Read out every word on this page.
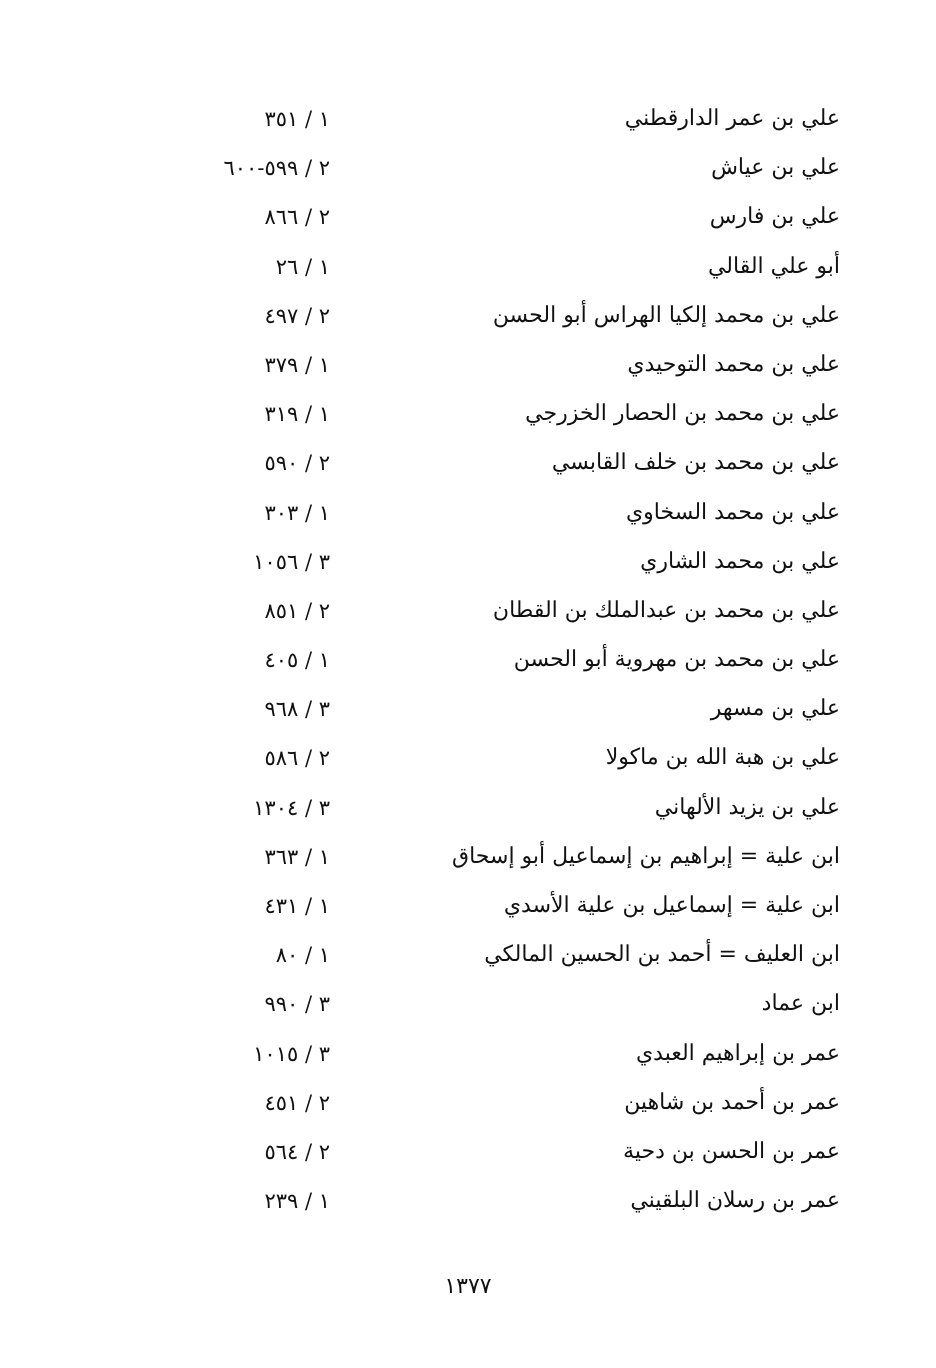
علي بن عمر الدارقطني
١ / ٣٥١
علي بن عياش
٢ / ٥٩٩-٦٠٠
علي بن فارس
٢ / ٨٦٦
أبو علي القالي
١ / ٢٦
علي بن محمد إلكيا الهراس أبو الحسن
٢ / ٤٩٧
علي بن محمد التوحيدي
١ / ٣٧٩
علي بن محمد بن الحصار الخزرجي
١ / ٣١٩
علي بن محمد بن خلف القابسي
٢ / ٥٩٠
علي بن محمد السخاوي
١ / ٣٠٣
علي بن محمد الشاري
٣ / ١٠٥٦
علي بن محمد بن عبدالملك بن القطان
٢ / ٨٥١
علي بن محمد بن مهروية أبو الحسن
١ / ٤٠٥
علي بن مسهر
٣ / ٩٦٨
علي بن هبة الله بن ماكولا
٢ / ٥٨٦
علي بن يزيد الألهاني
٣ / ١٣٠٤
ابن علية = إبراهيم بن إسماعيل أبو إسحاق
١ / ٣٦٣
ابن علية = إسماعيل بن علية الأسدي
١ / ٤٣١
ابن العليف = أحمد بن الحسين المالكي
١ / ٨٠
ابن عماد
٣ / ٩٩٠
عمر بن إبراهيم العبدي
٣ / ١٠١٥
عمر بن أحمد بن شاهين
٢ / ٤٥١
عمر بن الحسن بن دحية
٢ / ٥٦٤
عمر بن رسلان البلقيني
١ / ٢٣٩
١٣٧٧
